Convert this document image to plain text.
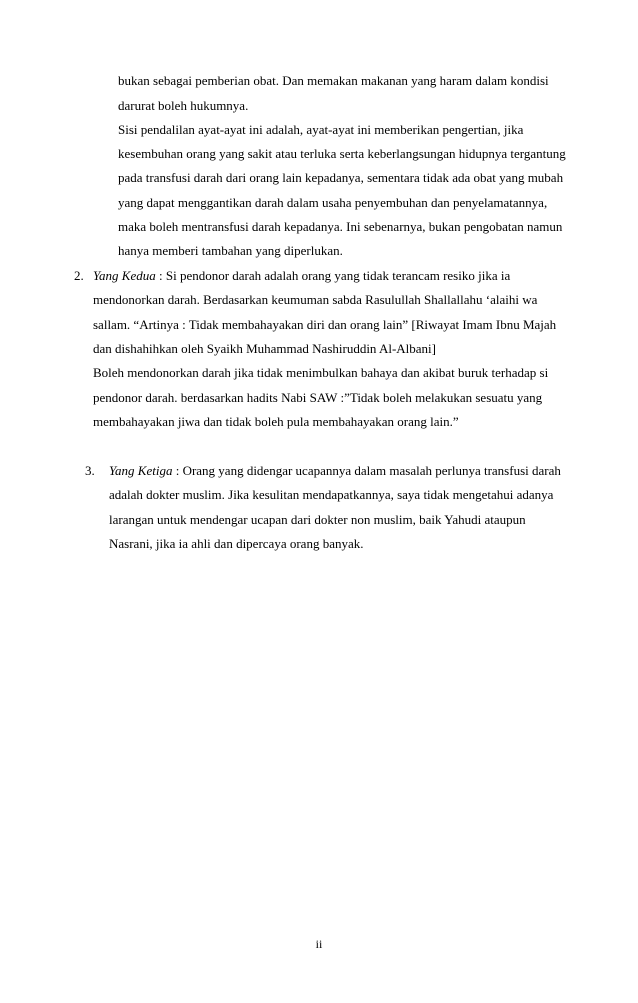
bukan sebagai pemberian obat. Dan memakan makanan yang haram dalam kondisi
darurat boleh hukumnya.
Sisi pendalilan ayat-ayat ini adalah, ayat-ayat ini memberikan pengertian, jika
kesembuhan orang yang sakit atau terluka serta keberlangsungan hidupnya tergantung
pada transfusi darah dari orang lain kepadanya, sementara tidak ada obat yang mubah
yang dapat menggantikan darah dalam usaha penyembuhan dan penyelamatannya,
maka boleh mentransfusi darah kepadanya. Ini sebenarnya, bukan pengobatan namun
hanya memberi tambahan yang diperlukan.
2. Yang Kedua : Si pendonor darah adalah orang yang tidak terancam resiko jika ia
mendonorkan darah. Berdasarkan keumuman sabda Rasulullah Shallallahu ‘alaihi wa
sallam. “Artinya : Tidak membahayakan diri dan orang lain” [Riwayat Imam Ibnu Majah
dan dishahihkan oleh Syaikh Muhammad Nashiruddin Al-Albani]
Boleh mendonorkan darah jika tidak menimbulkan bahaya dan akibat buruk terhadap si
pendonor darah. berdasarkan hadits Nabi SAW :”Tidak boleh melakukan sesuatu yang
membahayakan jiwa dan tidak boleh pula membahayakan orang lain.”
3. Yang Ketiga : Orang yang didengar ucapannya dalam masalah perlunya transfusi darah
adalah dokter muslim. Jika kesulitan mendapatkannya, saya tidak mengetahui adanya
larangan untuk mendengar ucapan dari dokter non muslim, baik Yahudi ataupun
Nasrani, jika ia ahli dan dipercaya orang banyak.
ii
